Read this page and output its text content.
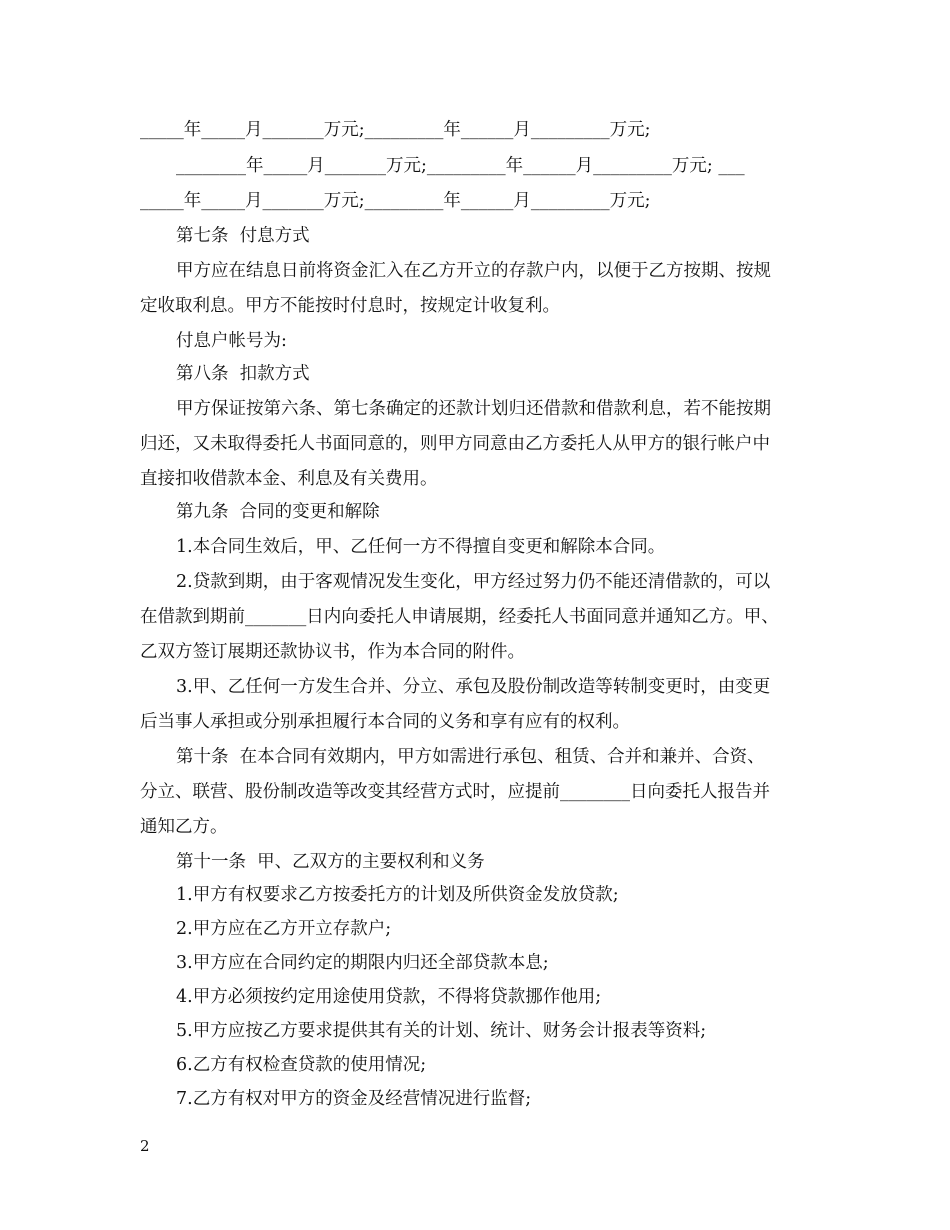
_____年_____月_______万元;_________年______月_________万元;
________年_____月_______万元;_________年______月_________万元; ___
_____年_____月_______万元;_________年______月_________万元;
第七条  付息方式
甲方应在结息日前将资金汇入在乙方开立的存款户内，以便于乙方按期、按规
定收取利息。甲方不能按时付息时，按规定计收复利。
付息户帐号为:
第八条  扣款方式
甲方保证按第六条、第七条确定的还款计划归还借款和借款利息，若不能按期
归还，又未取得委托人书面同意的，则甲方同意由乙方委托人从甲方的银行帐户中
直接扣收借款本金、利息及有关费用。
第九条  合同的变更和解除
1.本合同生效后，甲、乙任何一方不得擅自变更和解除本合同。
2.贷款到期，由于客观情况发生变化，甲方经过努力仍不能还清借款的，可以
在借款到期前_______日内向委托人申请展期，经委托人书面同意并通知乙方。甲、
乙双方签订展期还款协议书，作为本合同的附件。
3.甲、乙任何一方发生合并、分立、承包及股份制改造等转制变更时，由变更
后当事人承担或分别承担履行本合同的义务和享有应有的权利。
第十条  在本合同有效期内，甲方如需进行承包、租赁、合并和兼并、合资、
分立、联营、股份制改造等改变其经营方式时，应提前________日向委托人报告并
通知乙方。
第十一条  甲、乙双方的主要权利和义务
1.甲方有权要求乙方按委托方的计划及所供资金发放贷款;
2.甲方应在乙方开立存款户;
3.甲方应在合同约定的期限内归还全部贷款本息;
4.甲方必须按约定用途使用贷款，不得将贷款挪作他用;
5.甲方应按乙方要求提供其有关的计划、统计、财务会计报表等资料;
6.乙方有权检查贷款的使用情况;
7.乙方有权对甲方的资金及经营情况进行监督;
2
